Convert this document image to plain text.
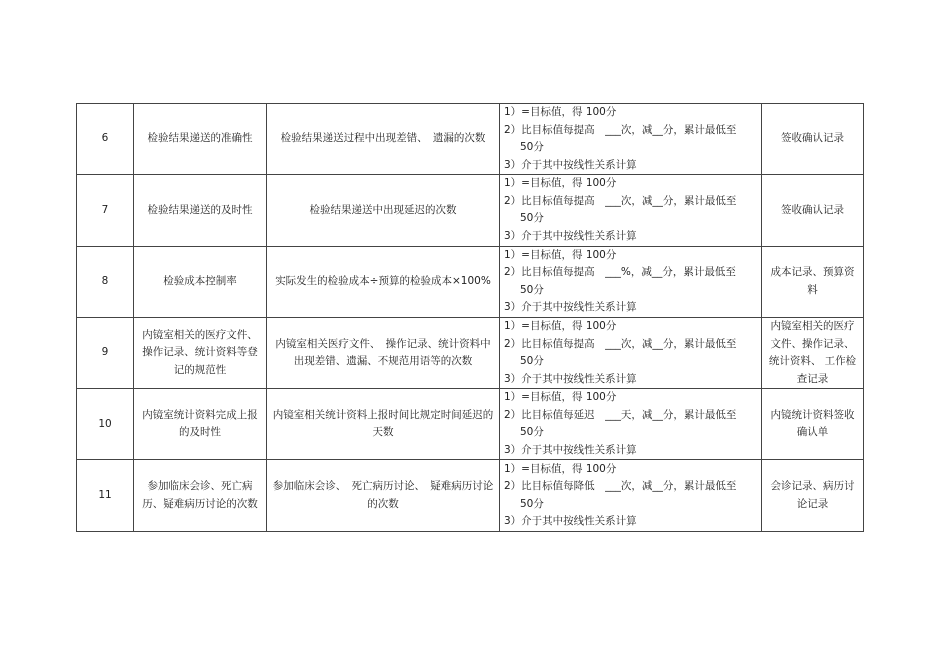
6	检验结果递送的准确性	检验结果递送过程中出现差错、　遗漏的次数	1）=目标值，得 100分
2）比目标值每提高　___次，减__分，累计最低至
50分
3）介于其中按线性关系计算	签收确认记录
7	检验结果递送的及时性	检验结果递送中出现延迟的次数	1）=目标值，得 100分
2）比目标值每提高　___次，减__分，累计最低至
50分
3）介于其中按线性关系计算	签收确认记录
8	检验成本控制率	实际发生的检验成本÷预算的检验成本×100%	1）=目标值，得 100分
2）比目标值每提高　___%，减__分，累计最低至
50分
3）介于其中按线性关系计算	成本记录、预算资料
9	内镜室相关的医疗文件、操作记录、统计资料等登记的规范性	内镜室相关医疗文件、　操作记录、统计资料中出现差错、遗漏、不规范用语等的次数	1）=目标值，得 100分
2）比目标值每提高　___次，减__分，累计最低至
50分
3）介于其中按线性关系计算	内镜室相关的医疗文件、操作记录、统计资料、 工作检查记录
10	内镜室统计资料完成上报的及时性	内镜室相关统计资料上报时间比规定时间延迟的天数	1）=目标值，得 100分
2）比目标值每延迟　___天，减__分，累计最低至
50分
3）介于其中按线性关系计算	内镜统计资料签收确认单
11	参加临床会诊、死亡病历、疑难病历讨论的次数	参加临床会诊、　死亡病历讨论、　疑难病历讨论的次数	1）=目标值，得 100分
2）比目标值每降低　___次，减__分，累计最低至
50分
3）介于其中按线性关系计算	会诊记录、病历讨论记录
